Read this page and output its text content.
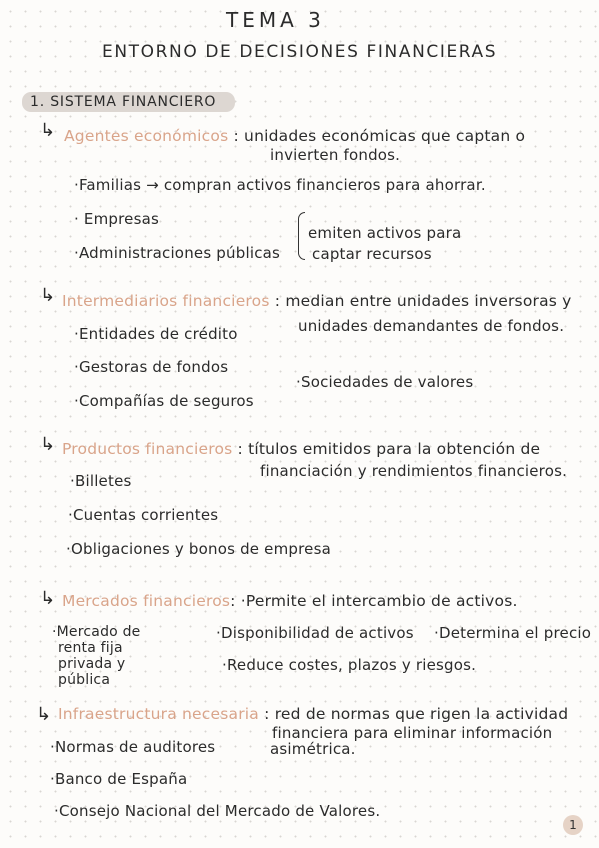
TEMA 3
ENTORNO DE DECISIONES FINANCIERAS
1. SISTEMA FINANCIERO
↳ Agentes económicos : unidades económicas que captan o
invierten fondos.
·Familias → compran activos financieros para ahorrar.
· Empresas
·Administraciones públicas
emiten activos para
captar recursos
↳ Intermediarios financieros : median entre unidades inversoras y
unidades demandantes de fondos.
·Entidades de crédito
·Gestoras de fondos
·Compañías de seguros
·Sociedades de valores
↳ Productos financieros : títulos emitidos para la obtención de
financiación y rendimientos financieros.
·Billetes
·Cuentas corrientes
·Obligaciones y bonos de empresa
↳ Mercados financieros: ·Permite el intercambio de activos.
·Mercado de
renta fija
privada y
pública
·Disponibilidad de activos ·Determina el precio
·Reduce costes, plazos y riesgos.
↳ Infraestructura necesaria : red de normas que rigen la actividad
financiera para eliminar información
asimétrica.
·Normas de auditores
·Banco de España
·Consejo Nacional del Mercado de Valores.
1
